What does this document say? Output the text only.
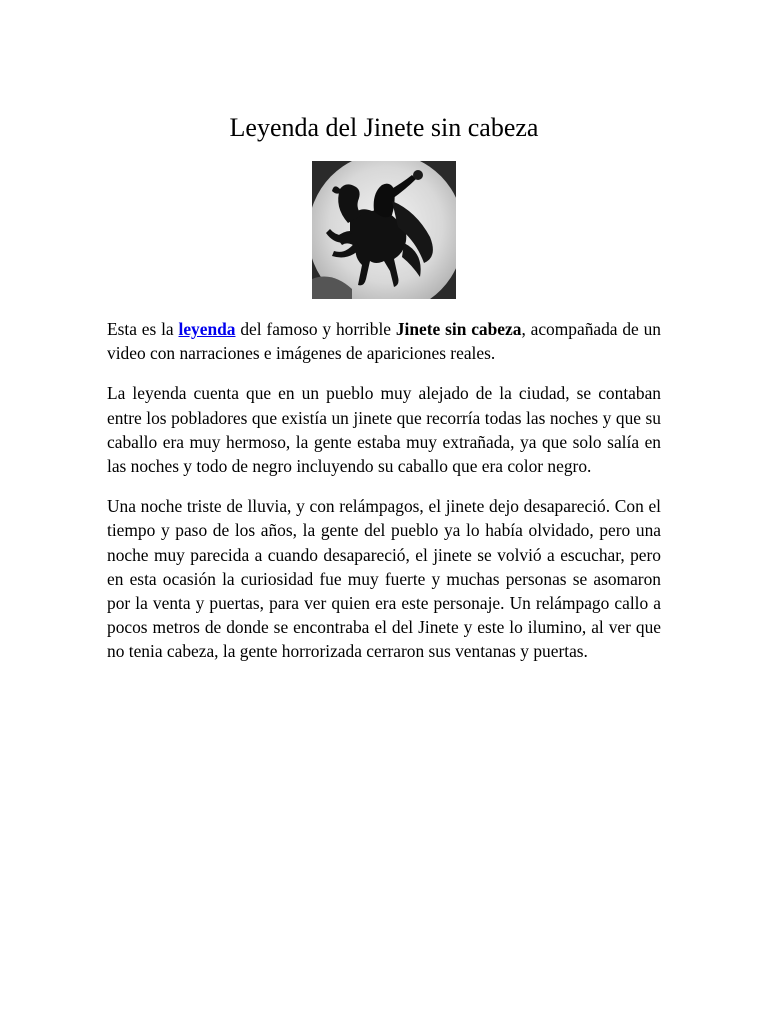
Leyenda del Jinete sin cabeza

Esta es la leyenda del famoso y horrible Jinete sin cabeza, acompañada de un video con narraciones e imágenes de apariciones reales.

La leyenda cuenta que en un pueblo muy alejado de la ciudad, se contaban entre los pobladores que existía un jinete que recorría todas las noches y que su caballo era muy hermoso, la gente estaba muy extrañada, ya que solo salía en las noches y todo de negro incluyendo su caballo que era color negro.

Una noche triste de lluvia, y con relámpagos, el jinete dejo desapareció. Con el tiempo y paso de los años, la gente del pueblo ya lo había olvidado, pero una noche muy parecida a cuando desapareció, el jinete se volvió a escuchar, pero en esta ocasión la curiosidad fue muy fuerte y muchas personas se asomaron por la venta y puertas, para ver quien era este personaje. Un relámpago callo a pocos metros de donde se encontraba el del Jinete y este lo ilumino, al ver que no tenia cabeza, la gente horrorizada cerraron sus ventanas y puertas.
